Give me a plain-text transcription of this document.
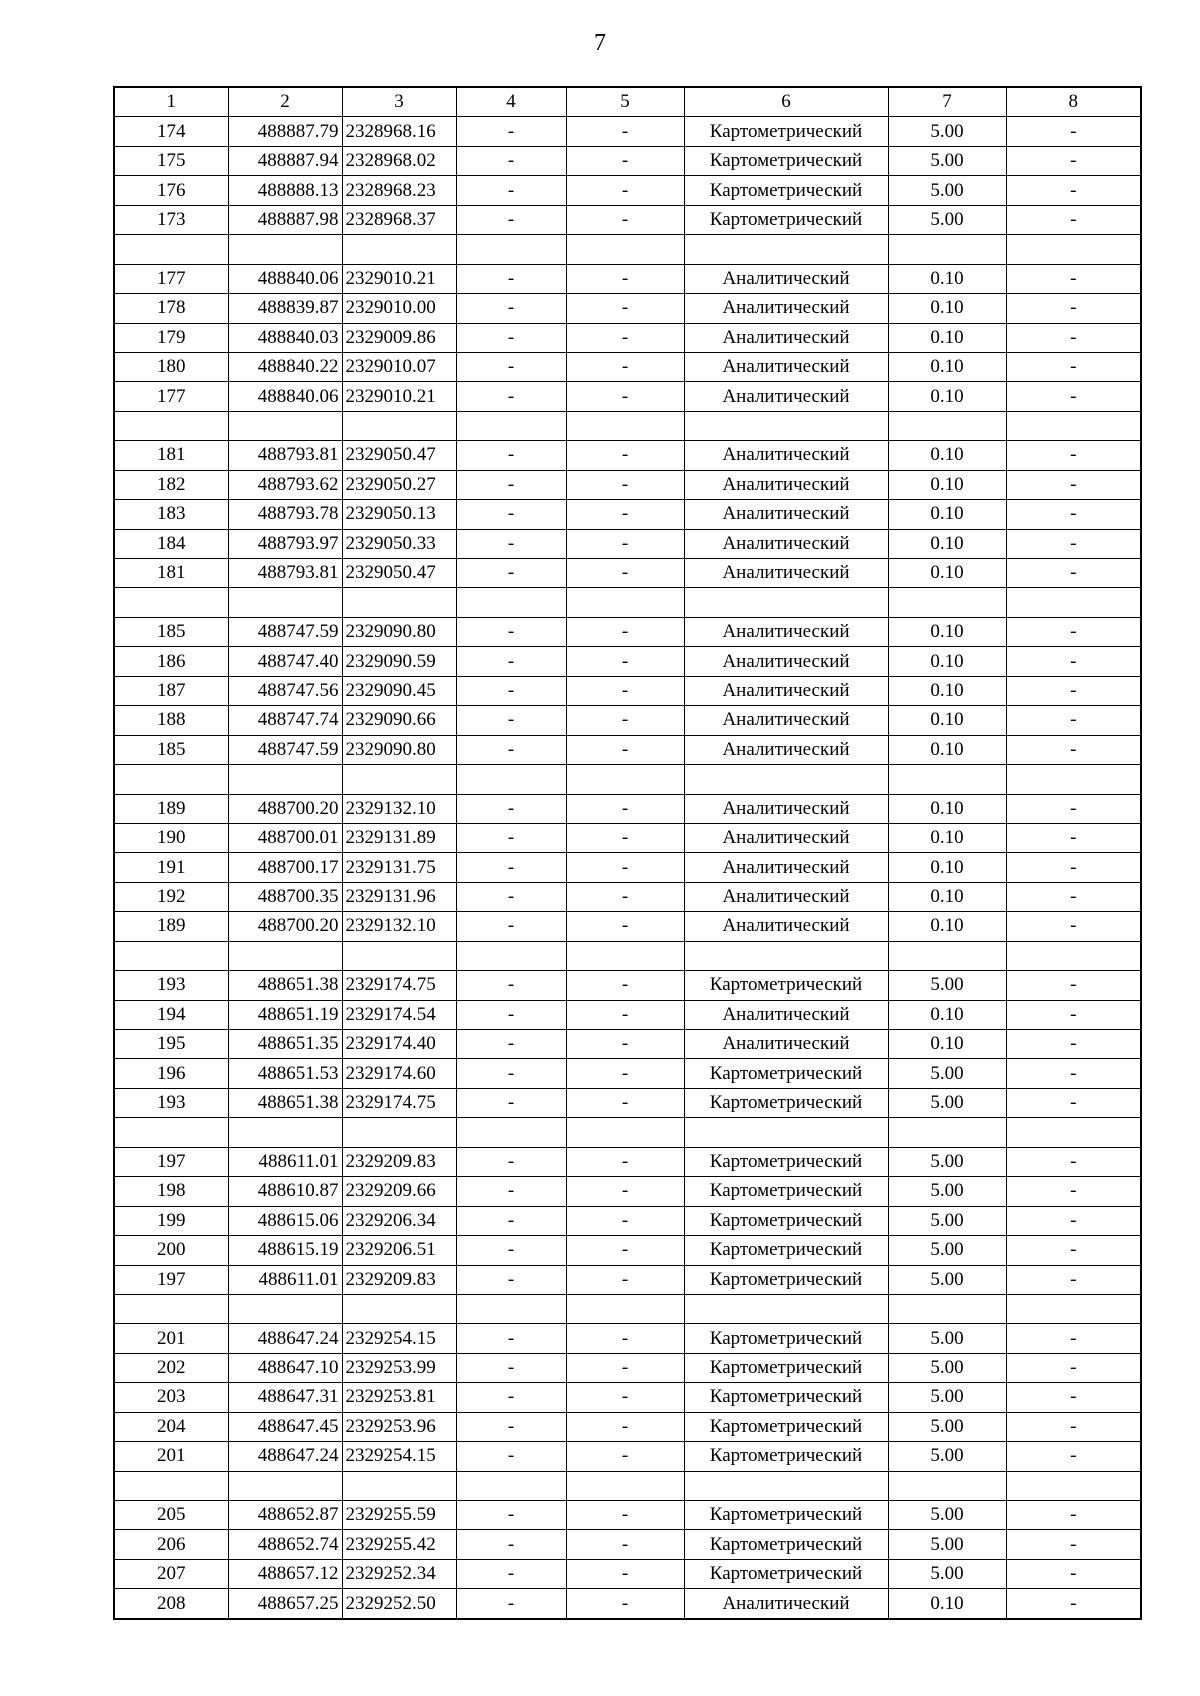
7
1	2	3	4	5	6	7	8
174	488887.79	2328968.16	-	-	Картометрический	5.00	-
175	488887.94	2328968.02	-	-	Картометрический	5.00	-
176	488888.13	2328968.23	-	-	Картометрический	5.00	-
173	488887.98	2328968.37	-	-	Картометрический	5.00	-

177	488840.06	2329010.21	-	-	Аналитический	0.10	-
178	488839.87	2329010.00	-	-	Аналитический	0.10	-
179	488840.03	2329009.86	-	-	Аналитический	0.10	-
180	488840.22	2329010.07	-	-	Аналитический	0.10	-
177	488840.06	2329010.21	-	-	Аналитический	0.10	-

181	488793.81	2329050.47	-	-	Аналитический	0.10	-
182	488793.62	2329050.27	-	-	Аналитический	0.10	-
183	488793.78	2329050.13	-	-	Аналитический	0.10	-
184	488793.97	2329050.33	-	-	Аналитический	0.10	-
181	488793.81	2329050.47	-	-	Аналитический	0.10	-

185	488747.59	2329090.80	-	-	Аналитический	0.10	-
186	488747.40	2329090.59	-	-	Аналитический	0.10	-
187	488747.56	2329090.45	-	-	Аналитический	0.10	-
188	488747.74	2329090.66	-	-	Аналитический	0.10	-
185	488747.59	2329090.80	-	-	Аналитический	0.10	-

189	488700.20	2329132.10	-	-	Аналитический	0.10	-
190	488700.01	2329131.89	-	-	Аналитический	0.10	-
191	488700.17	2329131.75	-	-	Аналитический	0.10	-
192	488700.35	2329131.96	-	-	Аналитический	0.10	-
189	488700.20	2329132.10	-	-	Аналитический	0.10	-

193	488651.38	2329174.75	-	-	Картометрический	5.00	-
194	488651.19	2329174.54	-	-	Аналитический	0.10	-
195	488651.35	2329174.40	-	-	Аналитический	0.10	-
196	488651.53	2329174.60	-	-	Картометрический	5.00	-
193	488651.38	2329174.75	-	-	Картометрический	5.00	-

197	488611.01	2329209.83	-	-	Картометрический	5.00	-
198	488610.87	2329209.66	-	-	Картометрический	5.00	-
199	488615.06	2329206.34	-	-	Картометрический	5.00	-
200	488615.19	2329206.51	-	-	Картометрический	5.00	-
197	488611.01	2329209.83	-	-	Картометрический	5.00	-

201	488647.24	2329254.15	-	-	Картометрический	5.00	-
202	488647.10	2329253.99	-	-	Картометрический	5.00	-
203	488647.31	2329253.81	-	-	Картометрический	5.00	-
204	488647.45	2329253.96	-	-	Картометрический	5.00	-
201	488647.24	2329254.15	-	-	Картометрический	5.00	-

205	488652.87	2329255.59	-	-	Картометрический	5.00	-
206	488652.74	2329255.42	-	-	Картометрический	5.00	-
207	488657.12	2329252.34	-	-	Картометрический	5.00	-
208	488657.25	2329252.50	-	-	Аналитический	0.10	-
